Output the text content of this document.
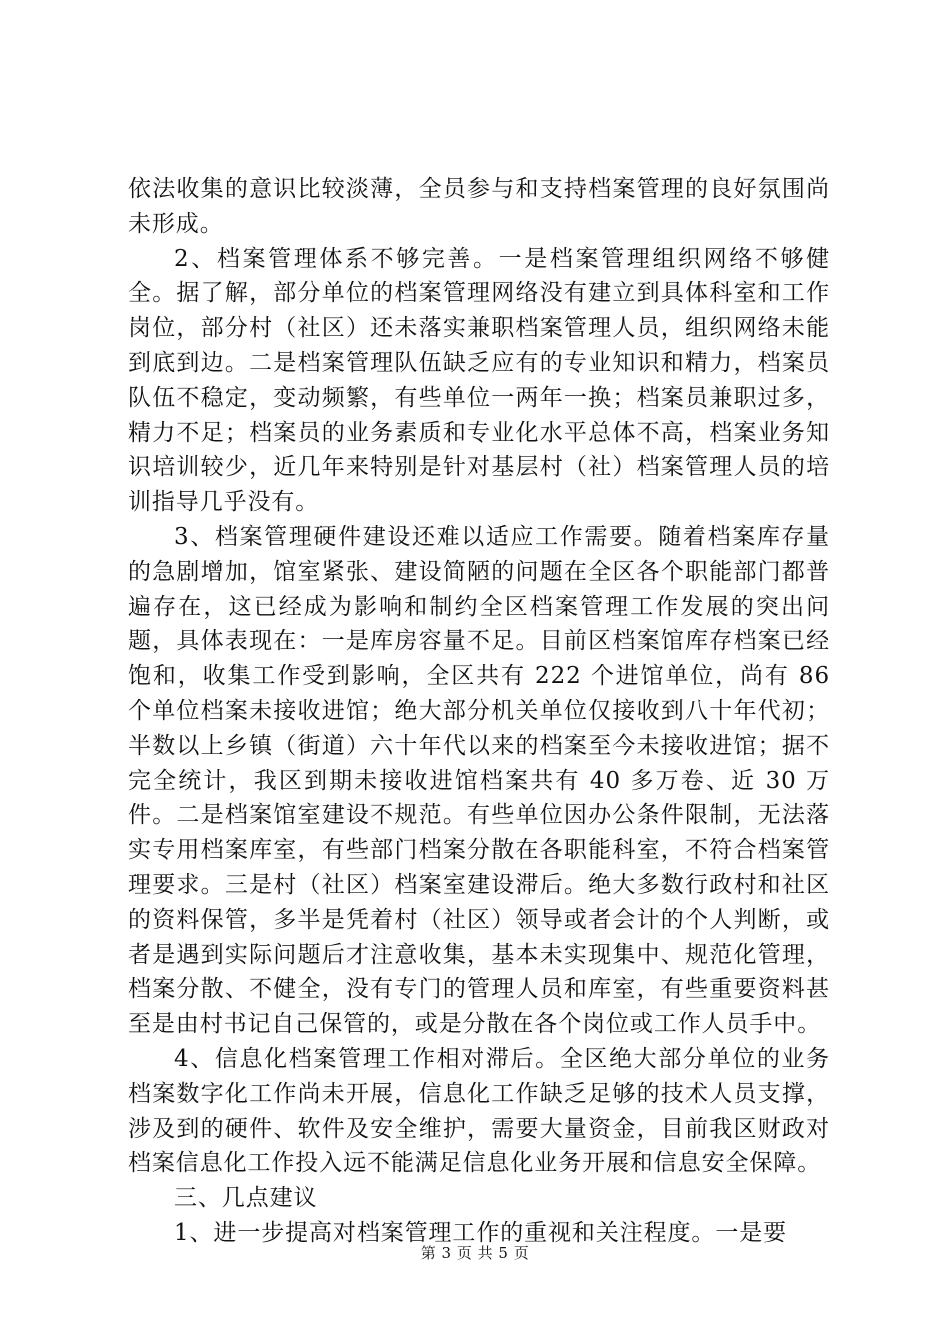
依法收集的意识比较淡薄，全员参与和支持档案管理的良好氛围尚未形成。

2、档案管理体系不够完善。一是档案管理组织网络不够健全。据了解，部分单位的档案管理网络没有建立到具体科室和工作岗位，部分村（社区）还未落实兼职档案管理人员，组织网络未能到底到边。二是档案管理队伍缺乏应有的专业知识和精力，档案员队伍不稳定，变动频繁，有些单位一两年一换；档案员兼职过多，精力不足；档案员的业务素质和专业化水平总体不高，档案业务知识培训较少，近几年来特别是针对基层村（社）档案管理人员的培训指导几乎没有。

3、档案管理硬件建设还难以适应工作需要。随着档案库存量的急剧增加，馆室紧张、建设简陋的问题在全区各个职能部门都普遍存在，这已经成为影响和制约全区档案管理工作发展的突出问题，具体表现在：一是库房容量不足。目前区档案馆库存档案已经饱和，收集工作受到影响，全区共有 222 个进馆单位，尚有 86 个单位档案未接收进馆；绝大部分机关单位仅接收到八十年代初；半数以上乡镇（街道）六十年代以来的档案至今未接收进馆；据不完全统计，我区到期未接收进馆档案共有 40 多万卷、近 30 万件。二是档案馆室建设不规范。有些单位因办公条件限制，无法落实专用档案库室，有些部门档案分散在各职能科室，不符合档案管理要求。三是村（社区）档案室建设滞后。绝大多数行政村和社区的资料保管，多半是凭着村（社区）领导或者会计的个人判断，或者是遇到实际问题后才注意收集，基本未实现集中、规范化管理，档案分散、不健全，没有专门的管理人员和库室，有些重要资料甚至是由村书记自己保管的，或是分散在各个岗位或工作人员手中。

4、信息化档案管理工作相对滞后。全区绝大部分单位的业务档案数字化工作尚未开展，信息化工作缺乏足够的技术人员支撑，涉及到的硬件、软件及安全维护，需要大量资金，目前我区财政对档案信息化工作投入远不能满足信息化业务开展和信息安全保障。

三、几点建议

1、进一步提高对档案管理工作的重视和关注程度。一是要

第 3 页 共 5 页
